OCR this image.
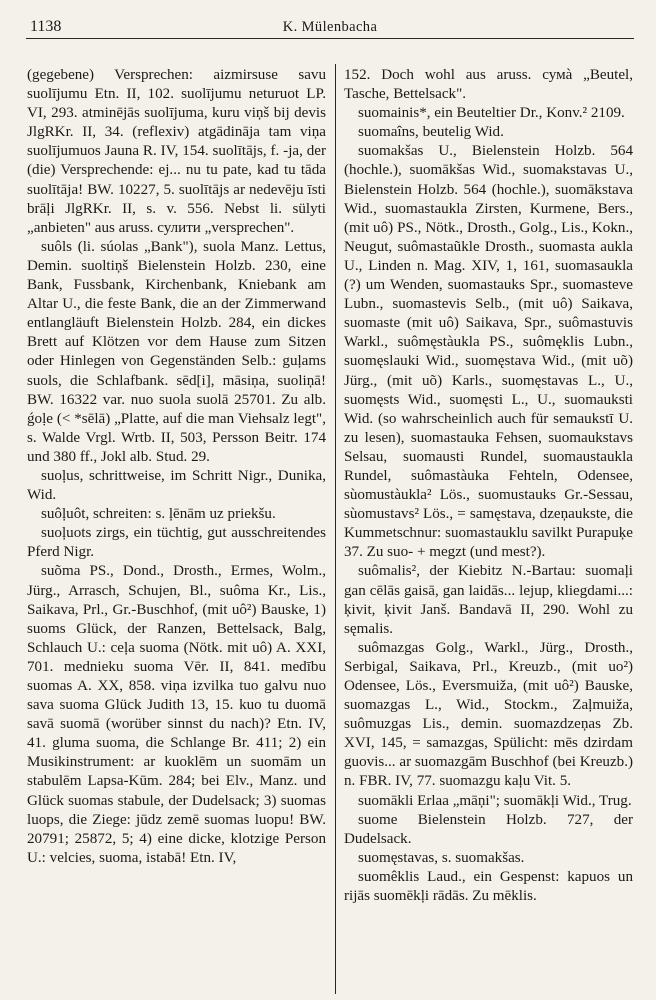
1138	K. Mülenbacha

(gegebene) Versprechen: aizmirsuse savu suolījumu Etn. II, 102. suolījumu neturuot LP. VI, 293. atminējās suolījuma, kuru viņš bij devis JlgRKr. II, 34. (reflexiv) atgādināja tam viņa suolījumuos Jauna R. IV, 154. suolītājs, f. -ja, der (die) Versprechende: ej... nu tu pate, kad tu tāda suolītāja! BW. 10227, 5. suolītājs ar nedevēju īsti brāļi JlgRKr. II, s. v. 556. Nebst li. sülyti „anbieten" aus aruss. сулити „versprechen".

suôls (li. súolas „Bank"), suola Manz. Lettus, Demin. suoltiņš Bielenstein Holzb. 230, eine Bank, Fussbank, Kirchenbank, Kniebank am Altar U., die feste Bank, die an der Zimmerwand entlangläuft Bielenstein Holzb. 284, ein dickes Brett auf Klötzen vor dem Hause zum Sitzen oder Hinlegen von Gegenständen Selb.: guļams suols, die Schlafbank. sēd[i], māsiņa, suoliņā! BW. 16322 var. nuo suola suolā 25701. Zu alb. ǵoḷe (< *sēlā) „Platte, auf die man Viehsalz legt", s. Walde Vrgl. Wrtb. II, 503, Persson Beitr. 174 und 380 ff., Jokl alb. Stud. 29.

suoļus, schrittweise, im Schritt Nigr., Dunika, Wid.

suôļuôt, schreiten: s. ļēnām uz priekšu.

suoļuots zirgs, ein tüchtig, gut ausschreitendes Pferd Nigr.

suõma PS., Dond., Drosth., Ermes, Wolm., Jürg., Arrasch, Schujen, Bl., suôma Kr., Lis., Saikava, Prl., Gr.-Buschhof, (mit uô²) Bauske, 1) suoms Glück, der Ranzen, Bettelsack, Balg, Schlauch U.: ceļa suoma (Nötk. mit uô) A. XXI, 701. mednieku suoma Vēr. II, 841. medību suomas A. XX, 858. viņa izvilka tuo galvu nuo sava suoma Glück Judith 13, 15. kuo tu duomā savā suomā (worüber sinnst du nach)? Etn. IV, 41. gluma suoma, die Schlange Br. 411; 2) ein Musikinstrument: ar kuoklēm un suomām un stabulēm Lapsa-Kūm. 284; bei Elv., Manz. und Glück suomas stabule, der Dudelsack; 3) suomas luops, die Ziege: jūdz zemē suomas luopu! BW. 20791; 25872, 5; 4) eine dicke, klotzige Person U.: velcies, suoma, istabā! Etn. IV,

152. Doch wohl aus aruss. сумà „Beutel, Tasche, Bettelsack".

suomainis*, ein Beuteltier Dr., Konv.² 2109.

suomaîns, beutelig Wid.

suomakšas U., Bielenstein Holzb. 564 (hochle.), suomākšas Wid., suomakstavas U., Bielenstein Holzb. 564 (hochle.), suomākstava Wid., suomastaukla Zirsten, Kurmene, Bers., (mit uô) PS., Nötk., Drosth., Golg., Lis., Kokn., Neugut, suômastaũkle Drosth., suomasta aukla U., Linden n. Mag. XIV, 1, 161, suomasaukla (?) um Wenden, suomastauks Spr., suomasteve Lubn., suomastevis Selb., (mit uô) Saikava, suomaste (mit uô) Saikava, Spr., suômastuvis Warkl., suômęstàukla PS., suômęklis Lubn., suomęslauki Wid., suomęstava Wid., (mit uõ) Jürg., (mit uõ) Karls., suomęstavas L., U., suomęsts Wid., suomęsti L., U., suomauksti Wid. (so wahrscheinlich auch für semaukstī U. zu lesen), suomastauka Fehsen, suomaukstavs Selsau, suomausti Rundel, suomaustaukla Rundel, suômastàuka Fehteln, Odensee, sùomustàukla² Lös., suomustauks Gr.-Sessau, sùomustavs² Lös., = samęstava, dzeņaukste, die Kummetschnur: suomastauklu savilkt Purapuķe 37. Zu suo- + megzt (und mest?).

suômalis², der Kiebitz N.-Bartau: suomaļi gan cēlās gaisā, gan laidās... lejup, kliegdami...: ķivit, ķivit Janš. Bandavā II, 290. Wohl zu sęmalis.

suômazgas Golg., Warkl., Jürg., Drosth., Serbigal, Saikava, Prl., Kreuzb., (mit uo²) Odensee, Lös., Eversmuiža, (mit uô²) Bauske, suomazgas L., Wid., Stockm., Zaļmuiža, suômuzgas Lis., demin. suomazdzeņas Zb. XVI, 145, = samazgas, Spülicht: mēs dzirdam guovis... ar suomazgām Buschhof (bei Kreuzb.) n. FBR. IV, 77. suomazgu kaļu Vit. 5.

suomākli Erlaa „māņi"; suomākļi Wid., Trug.

suome Bielenstein Holzb. 727, der Dudelsack.

suomęstavas, s. suomakšas.

suomêklis Laud., ein Gespenst: kapuos un rijās suomēkļi rādās. Zu mēklis.
